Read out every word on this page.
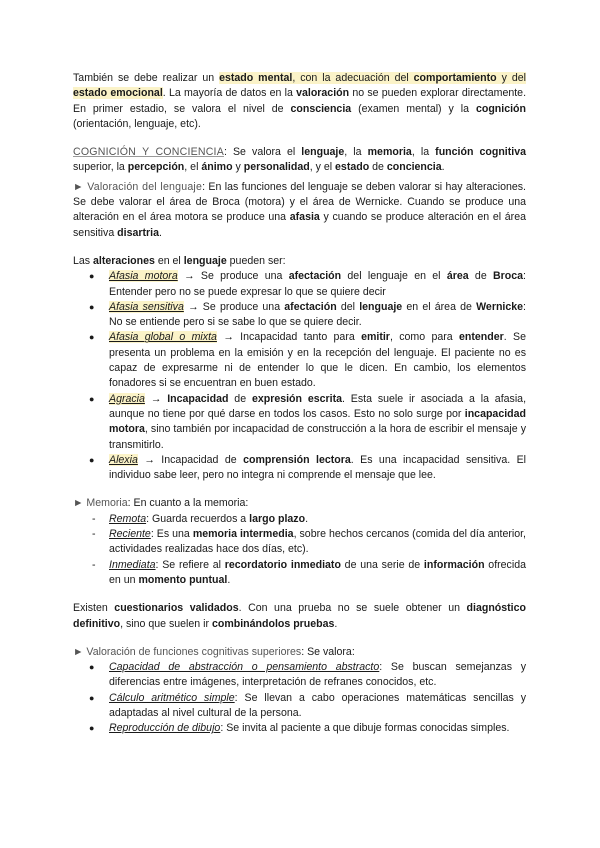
También se debe realizar un estado mental, con la adecuación del comportamiento y del estado emocional. La mayoría de datos en la valoración no se pueden explorar directamente. En primer estadio, se valora el nivel de consciencia (examen mental) y la cognición (orientación, lenguaje, etc).

COGNICIÓN Y CONCIENCIA: Se valora el lenguaje, la memoria, la función cognitiva superior, la percepción, el ánimo y personalidad, y el estado de conciencia.

► Valoración del lenguaje: En las funciones del lenguaje se deben valorar si hay alteraciones. Se debe valorar el área de Broca (motora) y el área de Wernicke. Cuando se produce una alteración en el área motora se produce una afasia y cuando se produce alteración en el área sensitiva disartria.

Las alteraciones en el lenguaje pueden ser:

● Afasia motora → Se produce una afectación del lenguaje en el área de Broca: Entender pero no se puede expresar lo que se quiere decir
● Afasia sensitiva → Se produce una afectación del lenguaje en el área de Wernicke: No se entiende pero si se sabe lo que se quiere decir.
● Afasia global o mixta → Incapacidad tanto para emitir, como para entender. Se presenta un problema en la emisión y en la recepción del lenguaje. El paciente no es capaz de expresarme ni de entender lo que le dicen. En cambio, los elementos fonadores si se encuentran en buen estado.
● Agracia → Incapacidad de expresión escrita. Esta suele ir asociada a la afasia, aunque no tiene por qué darse en todos los casos. Esto no solo surge por incapacidad motora, sino también por incapacidad de construcción a la hora de escribir el mensaje y transmitirlo.
● Alexia → Incapacidad de comprensión lectora. Es una incapacidad sensitiva. El individuo sabe leer, pero no integra ni comprende el mensaje que lee.

► Memoria: En cuanto a la memoria:

- Remota: Guarda recuerdos a largo plazo.
- Reciente: Es una memoria intermedia, sobre hechos cercanos (comida del día anterior, actividades realizadas hace dos días, etc).
- Inmediata: Se refiere al recordatorio inmediato de una serie de información ofrecida en un momento puntual.

Existen cuestionarios validados. Con una prueba no se suele obtener un diagnóstico definitivo, sino que suelen ir combinándolos pruebas.

► Valoración de funciones cognitivas superiores: Se valora:

● Capacidad de abstracción o pensamiento abstracto: Se buscan semejanzas y diferencias entre imágenes, interpretación de refranes conocidos, etc.
● Cálculo aritmético simple: Se llevan a cabo operaciones matemáticas sencillas y adaptadas al nivel cultural de la persona.
● Reproducción de dibujo: Se invita al paciente a que dibuje formas conocidas simples.
